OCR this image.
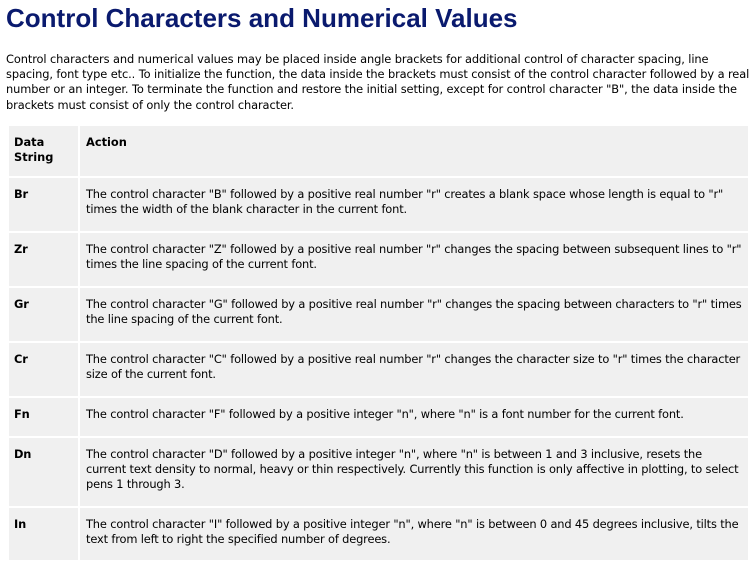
Control Characters and Numerical Values

Control characters and numerical values may be placed inside angle brackets for additional control of character spacing, line spacing, font type etc.. To initialize the function, the data inside the brackets must consist of the control character followed by a real number or an integer. To terminate the function and restore the initial setting, except for control character "B", the data inside the brackets must consist of only the control character.

Data String	Action
Br	The control character "B" followed by a positive real number "r" creates a blank space whose length is equal to "r" times the width of the blank character in the current font.
Zr	The control character "Z" followed by a positive real number "r" changes the spacing between subsequent lines to "r" times the line spacing of the current font.
Gr	The control character "G" followed by a positive real number "r" changes the spacing between characters to "r" times the line spacing of the current font.
Cr	The control character "C" followed by a positive real number "r" changes the character size to "r" times the character size of the current font.
Fn	The control character "F" followed by a positive integer "n", where "n" is a font number for the current font.
Dn	The control character "D" followed by a positive integer "n", where "n" is between 1 and 3 inclusive, resets the current text density to normal, heavy or thin respectively. Currently this function is only affective in plotting, to select pens 1 through 3.
In	The control character "I" followed by a positive integer "n", where "n" is between 0 and 45 degrees inclusive, tilts the text from left to right the specified number of degrees.
